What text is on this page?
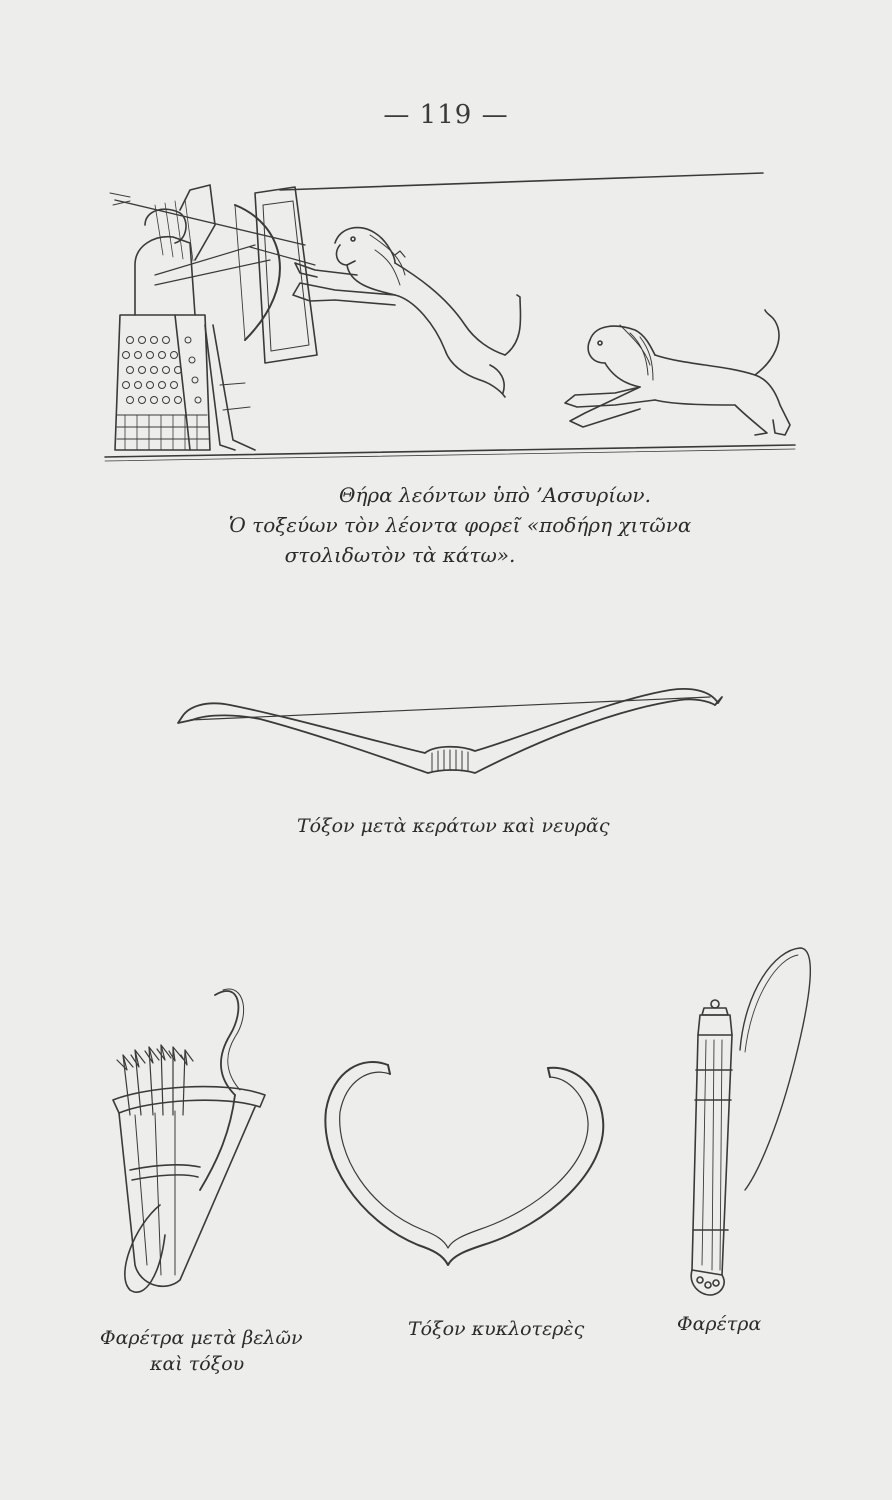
— 119 —
Θήρα λεόντων ὑπὸ ’Ασσυρίων.
Ὁ τοξεύων τὸν λέοντα φορεῖ «ποδήρη χιτῶνα
στολιδωτὸν τὰ κάτω».
Τόξον μετὰ κεράτων καὶ νευρᾶς
Φαρέτρα μετὰ βελῶν
καὶ τόξου
Τόξον κυκλοτερὲς	Φαρέτρα
